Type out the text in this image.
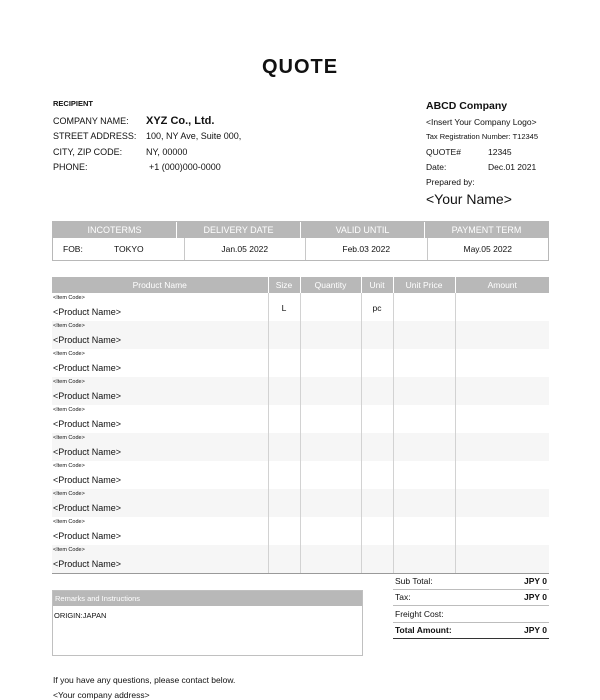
QUOTE
RECIPIENT
COMPANY NAME:	XYZ Co., Ltd.
STREET ADDRESS:	100, NY Ave, Suite 000,
CITY, ZIP CODE:	NY, 00000
PHONE:	+1 (000)000-0000
ABCD Company
<Insert Your Company Logo>
Tax Registration Number: T12345
QUOTE#	12345
Date:	Dec.01 2021
Prepared by:
<Your Name>
INCOTERMS	DELIVERY DATE	VALID UNTIL	PAYMENT TERM
FOB:	TOKYO	Jan.05 2022	Feb.03 2022	May.05 2022
Product Name	Size	Quantity	Unit	Unit Price	Amount

<Item Code>
<Product Name>	L		pc		

<Item Code>
<Product Name>					

<Item Code>
<Product Name>					

<Item Code>
<Product Name>					

<Item Code>
<Product Name>					

<Item Code>
<Product Name>					

<Item Code>
<Product Name>					

<Item Code>
<Product Name>					

<Item Code>
<Product Name>					

<Item Code>
<Product Name>					

Sub Total:	JPY 0
Tax:	JPY 0
Freight Cost:
Total Amount:	JPY 0
Remarks and Instructions
ORIGIN:JAPAN
If you have any questions, please contact below.
<Your company address>
